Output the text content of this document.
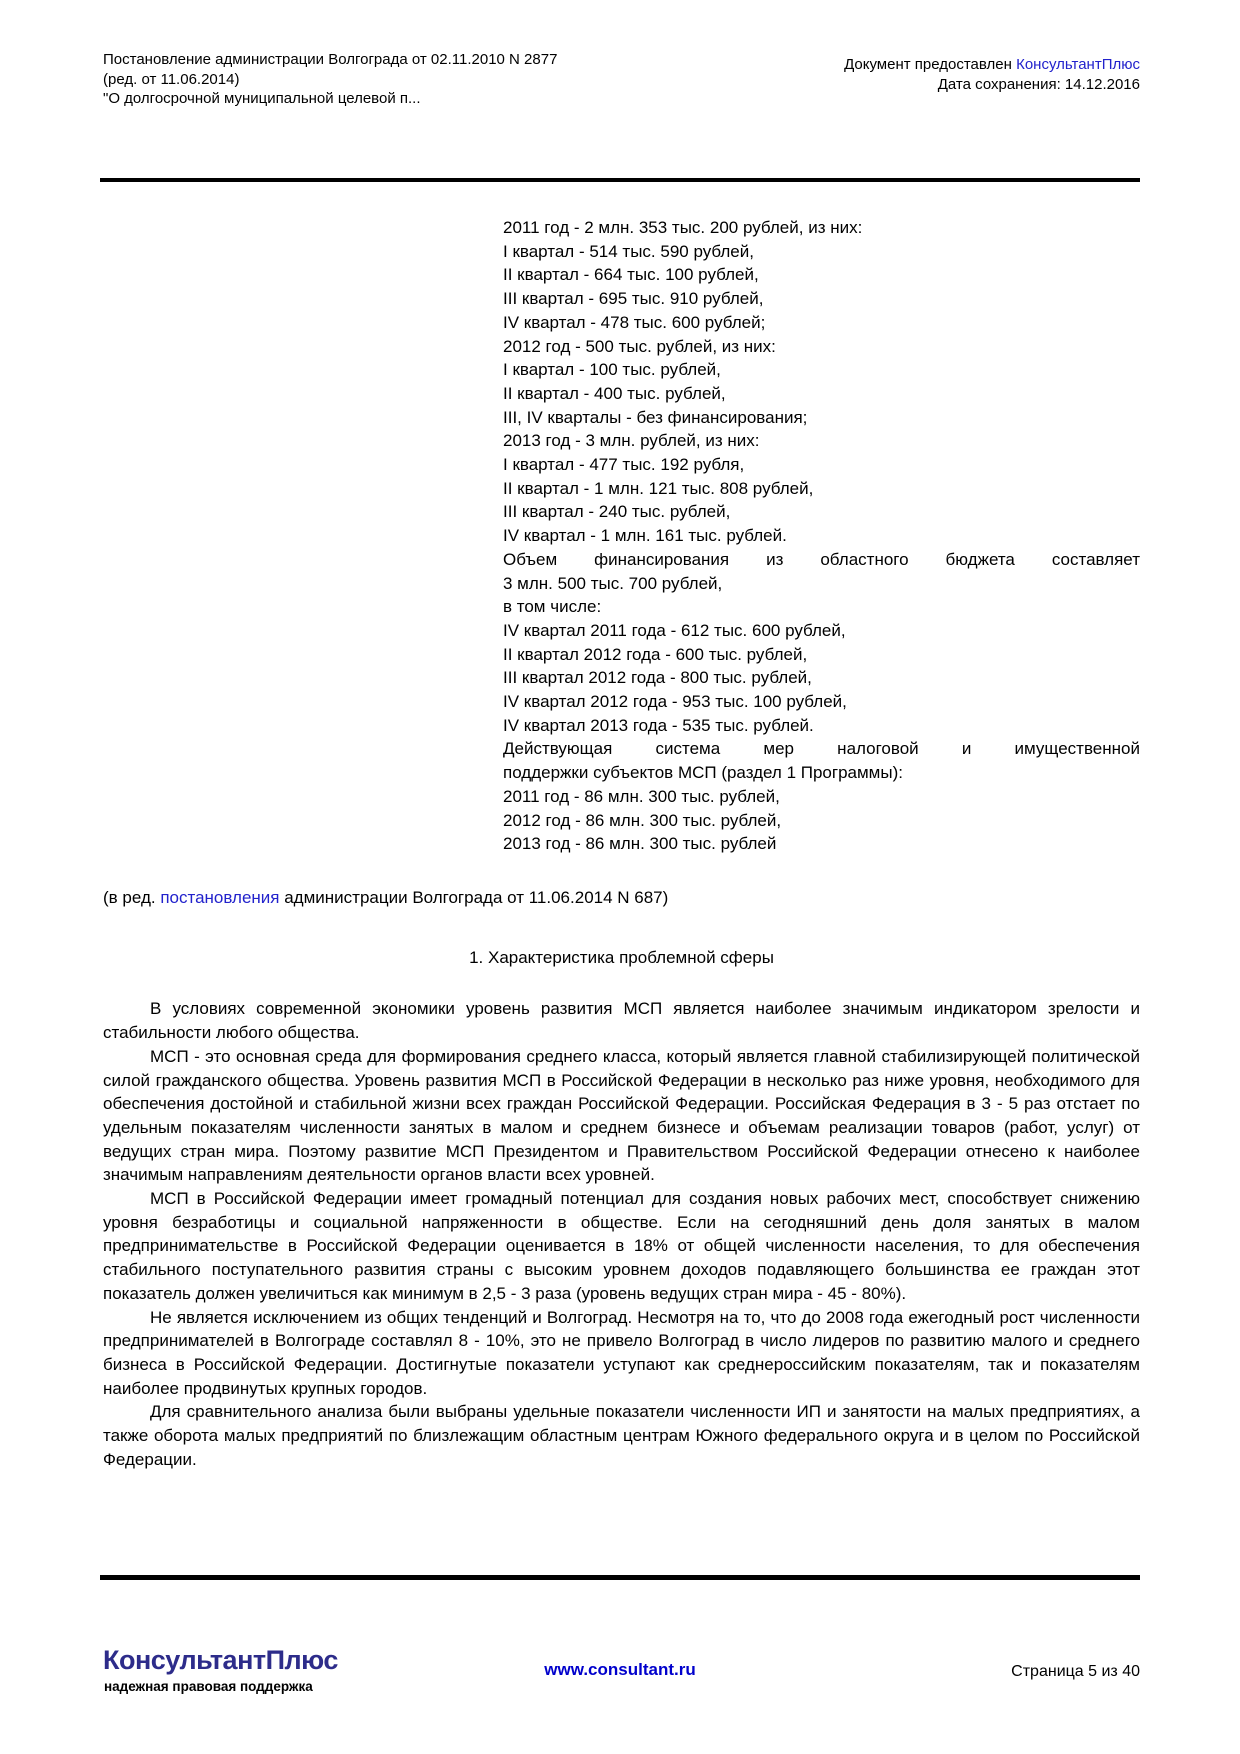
Постановление администрации Волгограда от 02.11.2010 N 2877
(ред. от 11.06.2014)
"О долгосрочной муниципальной целевой п...
Документ предоставлен КонсультантПлюс
Дата сохранения: 14.12.2016
2011 год - 2 млн. 353 тыс. 200 рублей, из них:
I квартал - 514 тыс. 590 рублей,
II квартал - 664 тыс. 100 рублей,
III квартал - 695 тыс. 910 рублей,
IV квартал - 478 тыс. 600 рублей;
2012 год - 500 тыс. рублей, из них:
I квартал - 100 тыс. рублей,
II квартал - 400 тыс. рублей,
III, IV кварталы - без финансирования;
2013 год - 3 млн. рублей, из них:
I квартал - 477 тыс. 192 рубля,
II квартал - 1 млн. 121 тыс. 808 рублей,
III квартал - 240 тыс. рублей,
IV квартал - 1 млн. 161 тыс. рублей.
Объем финансирования из областного бюджета составляет
3 млн. 500 тыс. 700 рублей,
в том числе:
IV квартал 2011 года - 612 тыс. 600 рублей,
II квартал 2012 года - 600 тыс. рублей,
III квартал 2012 года - 800 тыс. рублей,
IV квартал 2012 года - 953 тыс. 100 рублей,
IV квартал 2013 года - 535 тыс. рублей.
Действующая система мер налоговой и имущественной
поддержки субъектов МСП (раздел 1 Программы):
2011 год - 86 млн. 300 тыс. рублей,
2012 год - 86 млн. 300 тыс. рублей,
2013 год - 86 млн. 300 тыс. рублей
(в ред. постановления администрации Волгограда от 11.06.2014 N 687)
1. Характеристика проблемной сферы

В условиях современной экономики уровень развития МСП является наиболее значимым индикатором зрелости и стабильности любого общества.

МСП - это основная среда для формирования среднего класса, который является главной стабилизирующей политической силой гражданского общества. Уровень развития МСП в Российской Федерации в несколько раз ниже уровня, необходимого для обеспечения достойной и стабильной жизни всех граждан Российской Федерации. Российская Федерация в 3 - 5 раз отстает по удельным показателям численности занятых в малом и среднем бизнесе и объемам реализации товаров (работ, услуг) от ведущих стран мира. Поэтому развитие МСП Президентом и Правительством Российской Федерации отнесено к наиболее значимым направлениям деятельности органов власти всех уровней.

МСП в Российской Федерации имеет громадный потенциал для создания новых рабочих мест, способствует снижению уровня безработицы и социальной напряженности в обществе. Если на сегодняшний день доля занятых в малом предпринимательстве в Российской Федерации оценивается в 18% от общей численности населения, то для обеспечения стабильного поступательного развития страны с высоким уровнем доходов подавляющего большинства ее граждан этот показатель должен увеличиться как минимум в 2,5 - 3 раза (уровень ведущих стран мира - 45 - 80%).

Не является исключением из общих тенденций и Волгоград. Несмотря на то, что до 2008 года ежегодный рост численности предпринимателей в Волгограде составлял 8 - 10%, это не привело Волгоград в число лидеров по развитию малого и среднего бизнеса в Российской Федерации. Достигнутые показатели уступают как среднероссийским показателям, так и показателям наиболее продвинутых крупных городов.

Для сравнительного анализа были выбраны удельные показатели численности ИП и занятости на малых предприятиях, а также оборота малых предприятий по близлежащим областным центрам Южного федерального округа и в целом по Российской Федерации.

КонсультантПлюс
надежная правовая поддержка
www.consultant.ru	Страница 5 из 40
